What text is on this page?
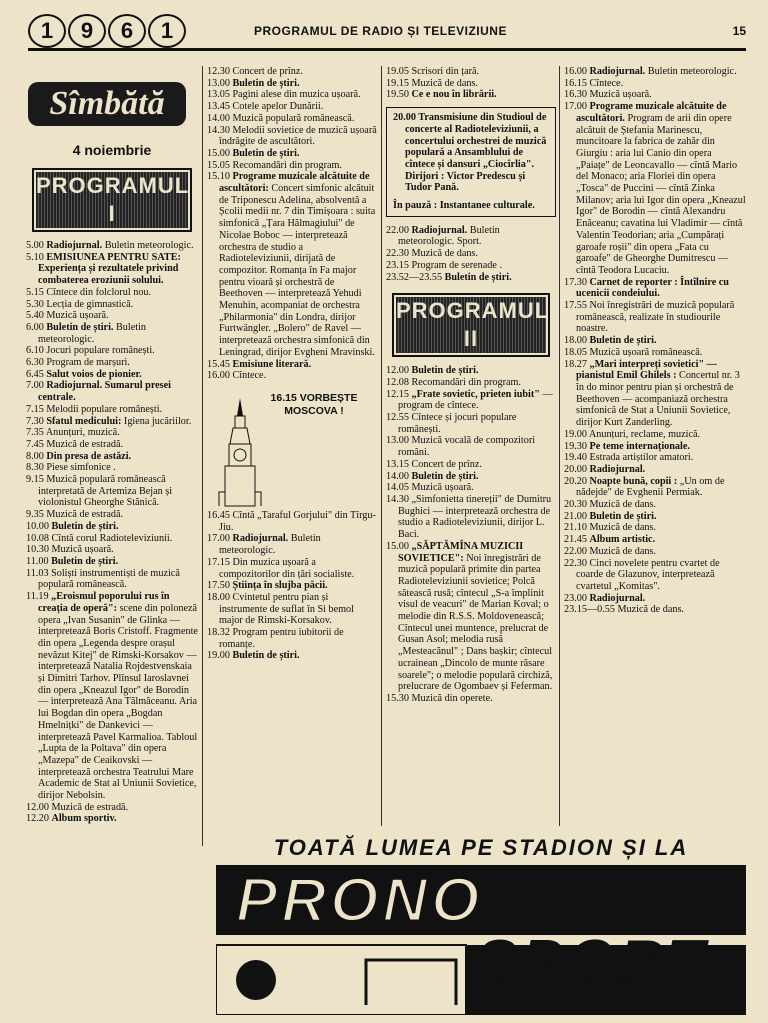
1	9	6	1	PROGRAMUL DE RADIO ȘI TELEVIZIUNE	15
Sîmbătă
4 noiembrie
PROGRAMUL I

5.00 Radiojurnal. Buletin meteorologic.

5.10 EMISIUNEA PENTRU SATE: Experiența și rezultatele privind combaterea eroziunii solului.

5.15 Cîntece din folclorul nou.

5.30 Lecția de gimnastică.

5.40 Muzică ușoară.

6.00 Buletin de știri. Buletin meteorologic.

6.10 Jocuri populare românești.

6.30 Program de marșuri.

6.45 Salut voios de pionier.

7.00 Radiojurnal. Sumarul presei centrale.

7.15 Melodii populare românești.

7.30 Sfatul medicului: Igiena jucăriilor.

7.35 Anunțuri, muzică.

7.45 Muzică de estradă.

8.00 Din presa de astăzi.

8.30 Piese simfonice .

9.15 Muzică populară românească interpretată de Artemiza Bejan și violonistul Gheorghe Stănică.

9.35 Muzică de estradă.

10.00 Buletin de știri.

10.08 Cîntă corul Radioteleviziunii.

10.30 Muzică ușoară.

11.00 Buletin de știri.

11.03 Soliști instrumentiști de muzică populară românească.

11.19 „Eroismul poporului rus în creația de operă": scene din poloneză opera „Ivan Susanin" de Glinka —interpretează Boris Cristoff. Fragmente din opera „Legenda despre orașul nevăzut Kitej" de Rimski-Korsakov — interpretează Natalia Rojdestvenskaia și Dimitri Tarhov. Plînsul Iaroslavnei din opera „Kneazul Igor" de Borodin — interpretează Ana Tălmăceanu. Aria lui Bogdan din opera „Bogdan Hmelnițki" de Dankevici — interpretează Pavel Karmalioa. Tabloul „Lupta de la Poltava" din opera „Mazepa" de Ceaikovski — interpretează orchestra Teatrului Mare Academic de Stat al Uniunii Sovietice, dirijor Nebolsin.

12.00 Muzică de estradă.

12.20 Album sportiv.

12.30 Concert de prînz.

13.00 Buletin de știri.

13.05 Pagini alese din muzica ușoară.

13.45 Cotele apelor Dunării.

14.00 Muzică populară românească.

14.30 Melodii sovietice de muzică ușoară îndrăgite de ascultători.

15.00 Buletin de știri.

15.05 Recomandări din program.

15.10 Programe muzicale alcătuite de ascultători: Concert simfonic alcătuit de Triponescu Adelina, absolventă a Școlii medii nr. 7 din Timișoara : suita simfonică „Țara Hălmagiului" de Nicolae Boboc — interpretează orchestra de studio a Radioteleviziunii, dirijată de compozitor. Romanța în Fa major pentru vioară și orchestră de Beethoven — interpretează Yehudi Menuhin, acompaniat de orchestra „Philarmonia" din Londra, dirijor Furtwängler. „Bolero" de Ravel — interpretează orchestra simfonică din Leningrad, dirijor Evgheni Mravinski.

15.45 Emisiune literară.

16.00 Cîntece.

16.15 VORBEȘTE MOSCOVA !

16.45 Cîntă „Taraful Gorjului" din Tîrgu-Jiu.

17.00 Radiojurnal. Buletin meteorologic.

17.15 Din muzica ușoară a compozitorilor din țări socialiste.

17.50 Știința în slujba păcii.

18.00 Cvintetul pentru pian și instrumente de suflat în Si bemol major de Rimski-Korsakov.

18.32 Program pentru iubitorii de romanțe.

19.00 Buletin de știri.

19.05 Scrisori din țară.

19.15 Muzică de dans.

19.50 Ce e nou în librării.

20.00 Transmisiune din Studioul de concerte al Radioteleviziunii, a concertului orchestrei de muzică populară a Ansamblului de cîntece și dansuri „Ciocîrlia". Dirijori : Victor Predescu și Tudor Pană.

În pauză : Instantanee culturale.

22.00 Radiojurnal. Buletin meteorologic. Sport.

22.30 Muzică de dans.

23.15 Program de serenade .

23.52—23.55 Buletin de știri.

PROGRAMUL II

12.00 Buletin de știri.

12.08 Recomandări din program.

12.15 „Frate sovietic, prieten iubit" — program de cîntece.

12.55 Cîntece și jocuri populare românești.

13.00 Muzică vocală de compozitori români.

13.15 Concert de prînz.

14.00 Buletin de știri.

14.05 Muzică ușoară.

14.30 „Simfonietta tinereții" de Dumitru Bughici — interpretează orchestra de studio a Radioteleviziunii, dirijor L. Baci.

15.00 „SĂPTĂMÎNA MUZICII SOVIETICE": Noi înregistrări de muzică populară primite din partea Radioteleviziunii sovietice; Polcă sătească rusă; cîntecul „S-a împlinit visul de veacuri" de Marian Koval; o melodie din R.S.S. Moldovenească; Cîntecul unei muntence, prelucrat de Gusan Asol; melodia rusă „Mesteacănul" ; Dans bașkir; cîntecul ucrainean „Dincolo de munte răsare soarele"; o melodie populară circhiză, prelucrare de Ogombaev și Feferman.

15.30 Muzică din operete.

16.00 Radiojurnal. Buletin meteorologic.

16.15 Cîntece.

16.30 Muzică ușoară.

17.00 Programe muzicale alcătuite de ascultători. Program de arii din opere alcătuit de Ștefania Marinescu, muncitoare la fabrica de zahăr din Giurgiu : aria lui Canio din opera „Paiațe" de Leoncavallo — cîntă Mario del Monaco; aria Floriei din opera „Tosca" de Puccini — cîntă Zinka Milanov; aria lui Igor din opera „Kneazul Igor" de Borodin — cîntă Alexandru Enăceanu; cavatina lui Vladimir — cîntă Valentin Teodorian; aria „Cumpărați garoafe roșii" din opera „Fata cu garoafe" de Gheorghe Dumitrescu — cîntă Teodora Lucaciu.

17.30 Carnet de reporter : Întîlnire cu ucenicii condeiului.

17.55 Noi înregistrări de muzică populară românească, realizate în studiourile noastre.

18.00 Buletin de știri.

18.05 Muzică ușoară românească.

18.27 „Mari interpreți sovietici" — pianistul Emil Ghilels : Concertul nr. 3 în do minor pentru pian și orchestră de Beethoven — acompaniază orchestra simfonică de Stat a Uniunii Sovietice, dirijor Kurt Zanderling.

19.00 Anunțuri, reclame, muzică.

19.30 Pe teme internaționale.

19.40 Estrada artiștilor amatori.

20.00 Radiojurnal.

20.20 Noapte bună, copii : „Un om de nădejde" de Evghenii Permiak.

20.30 Muzică de dans.

21.00 Buletin de știri.

21.10 Muzică de dans.

21.45 Album artistic.

22.00 Muzică de dans.

22.30 Cinci novelete pentru cvartet de coarde de Glazunov, interpretează cvartetul „Komitas".

23.00 Radiojurnal.

23.15—0.55 Muzică de dans.

TOATĂ LUMEA PE STADION ȘI LA
PRONO
SPORT
